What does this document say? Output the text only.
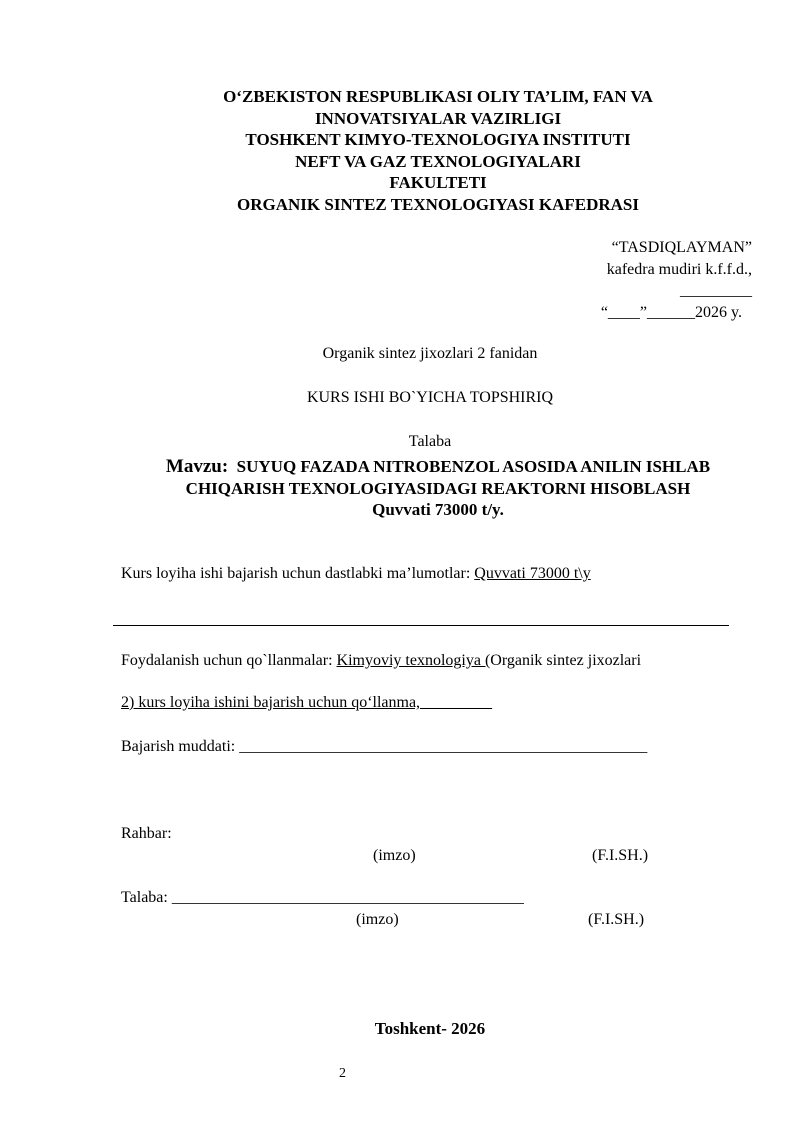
O‘ZBEKISTON RESPUBLIKASI OLIY TA’LIM, FAN VA
INNOVATSIYALAR VAZIRLIGI
TOSHKENT KIMYO-TEXNOLOGIYA INSTITUTI
NEFT VA GAZ TEXNOLOGIYALARI
FAKULTETI
ORGANIK SINTEZ TEXNOLOGIYASI KAFEDRASI
“TASDIQLAYMAN”
kafedra mudiri k.f.f.d.,
_________
“____”______2026 y.
Organik sintez jixozlari 2 fanidan
KURS ISHI BO`YICHA TOPSHIRIQ
Talaba
Mavzu: SUYUQ FAZADA NITROBENZOL ASOSIDA ANILIN ISHLAB
CHIQARISH TEXNOLOGIYASIDAGI REAKTORNI HISOBLASH
Quvvati 73000 t/y.
Kurs loyiha ishi bajarish uchun dastlabki ma’lumotlar: Quvvati 73000 t\y
Foydalanish uchun qo`llanmalar: Kimyoviy texnologiya (Organik sintez jixozlari
2) kurs loyiha ishini bajarish uchun qo‘llanma,_________
Bajarish muddati: ___________________________________________________
Rahbar:
(imzo)	(F.I.SH.)
Talaba: ____________________________________________
(imzo)	(F.I.SH.)
Toshkent- 2026
2
